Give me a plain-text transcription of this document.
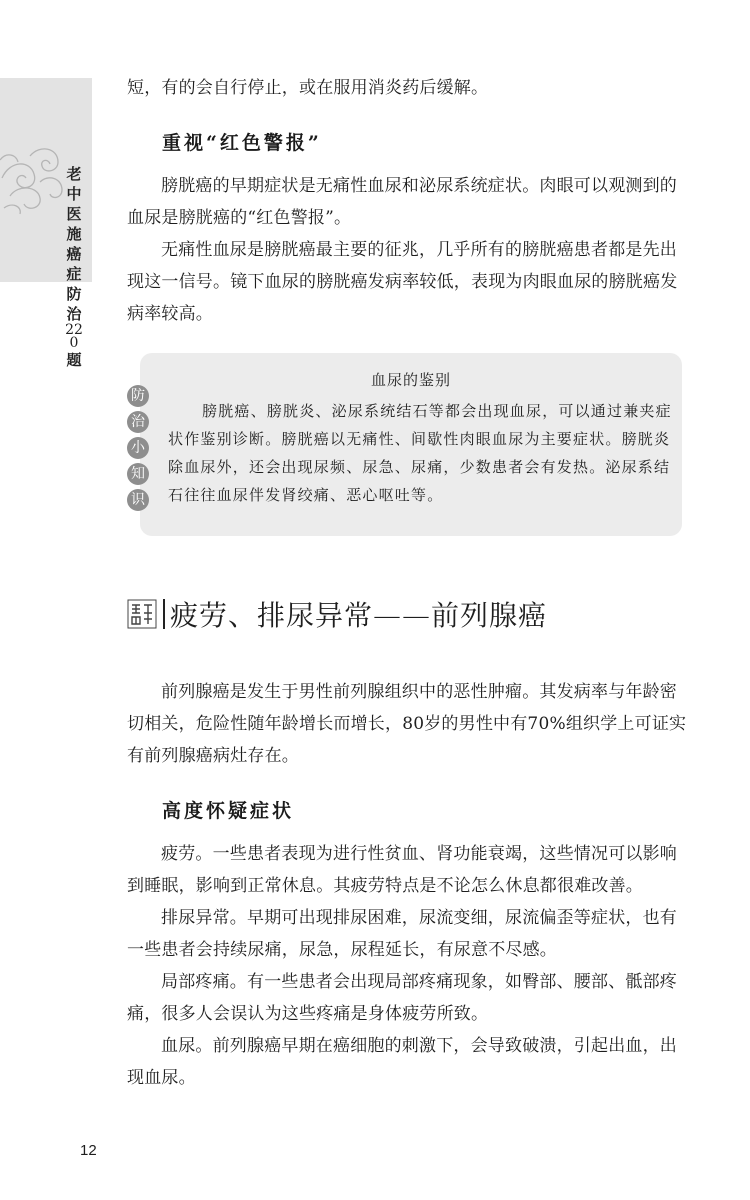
老中医施癌症防治
220
题

短，有的会自行停止，或在服用消炎药后缓解。

重视“红色警报”

膀胱癌的早期症状是无痛性血尿和泌尿系统症状。肉眼可以观测到的血尿是膀胱癌的“红色警报”。

无痛性血尿是膀胱癌最主要的征兆，几乎所有的膀胱癌患者都是先出现这一信号。镜下血尿的膀胱癌发病率较低，表现为肉眼血尿的膀胱癌发病率较高。

防
治
小
知
识
血尿的鉴别

膀胱癌、膀胱炎、泌尿系统结石等都会出现血尿，可以通过兼夹症状作鉴别诊断。膀胱癌以无痛性、间歇性肉眼血尿为主要症状。膀胱炎除血尿外，还会出现尿频、尿急、尿痛，少数患者会有发热。泌尿系结石往往血尿伴发肾绞痛、恶心呕吐等。

疲劳、排尿异常——前列腺癌

前列腺癌是发生于男性前列腺组织中的恶性肿瘤。其发病率与年龄密切相关，危险性随年龄增长而增长，80岁的男性中有70%组织学上可证实有前列腺癌病灶存在。

高度怀疑症状

疲劳。一些患者表现为进行性贫血、肾功能衰竭，这些情况可以影响到睡眠，影响到正常休息。其疲劳特点是不论怎么休息都很难改善。

排尿异常。早期可出现排尿困难，尿流变细，尿流偏歪等症状，也有一些患者会持续尿痛，尿急，尿程延长，有尿意不尽感。

局部疼痛。有一些患者会出现局部疼痛现象，如臀部、腰部、骶部疼痛，很多人会误认为这些疼痛是身体疲劳所致。

血尿。前列腺癌早期在癌细胞的刺激下，会导致破溃，引起出血，出现血尿。

12
